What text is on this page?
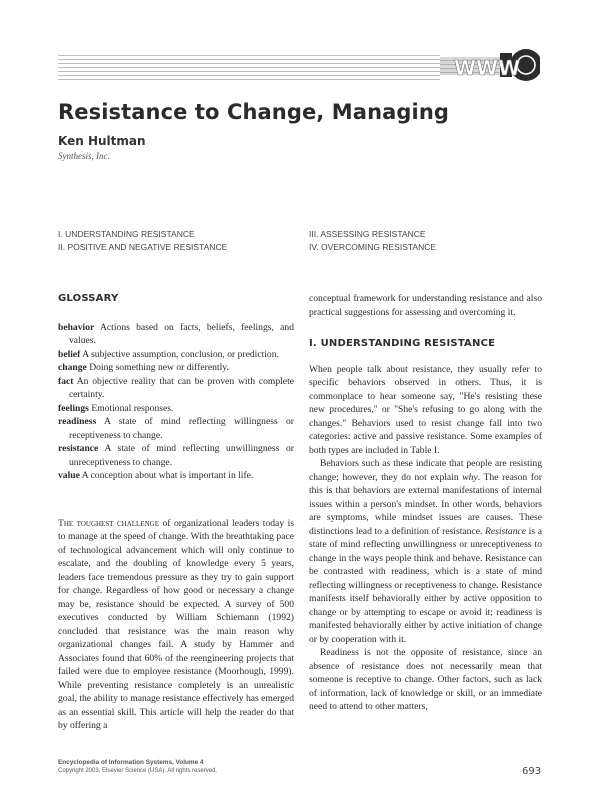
WWW
Resistance to Change, Managing
Ken Hultman
Synthesis, Inc.
I. UNDERSTANDING RESISTANCE
II. POSITIVE AND NEGATIVE RESISTANCE
III. ASSESSING RESISTANCE
IV. OVERCOMING RESISTANCE
GLOSSARY
behavior Actions based on facts, beliefs, feelings, and values.
belief A subjective assumption, conclusion, or prediction.
change Doing something new or differently.
fact An objective reality that can be proven with complete certainty.
feelings Emotional responses.
readiness A state of mind reflecting willingness or receptiveness to change.
resistance A state of mind reflecting unwillingness or unreceptiveness to change.
value A conception about what is important in life.

The toughest challenge of organizational leaders today is to manage at the speed of change. With the breathtaking pace of technological advancement which will only continue to escalate, and the doubling of knowledge every 5 years, leaders face tremendous pressure as they try to gain support for change. Regardless of how good or necessary a change may be, resistance should be expected. A survey of 500 executives conducted by William Schiemann (1992) concluded that resistance was the main reason why organizational changes fail. A study by Hammer and Associates found that 60% of the reengineering projects that failed were due to employee resistance (Moorhough, 1999). While preventing resistance completely is an unrealistic goal, the ability to manage resistance effectively has emerged as an essential skill. This article will help the reader do that by offering a

conceptual framework for understanding resistance and also practical suggestions for assessing and overcoming it.

I. UNDERSTANDING RESISTANCE

When people talk about resistance, they usually refer to specific behaviors observed in others. Thus, it is commonplace to hear someone say, "He's resisting these new procedures," or "She's refusing to go along with the changes." Behaviors used to resist change fall into two categories: active and passive resistance. Some examples of both types are included in Table I.

Behaviors such as these indicate that people are resisting change; however, they do not explain why. The reason for this is that behaviors are external manifestations of internal issues within a person's mindset. In other words, behaviors are symptoms, while mindset issues are causes. These distinctions lead to a definition of resistance. Resistance is a state of mind reflecting unwillingness or unreceptiveness to change in the ways people think and behave. Resistance can be contrasted with readiness, which is a state of mind reflecting willingness or receptiveness to change. Resistance manifests itself behaviorally either by active opposition to change or by attempting to escape or avoid it; readiness is manifested behaviorally either by active initiation of change or by cooperation with it.

Readiness is not the opposite of resistance, since an absence of resistance does not necessarily mean that someone is receptive to change. Other factors, such as lack of information, lack of knowledge or skill, or an immediate need to attend to other matters,

Encyclopedia of Information Systems, Volume 4
Copyright 2003, Elsevier Science (USA). All rights reserved.	693
